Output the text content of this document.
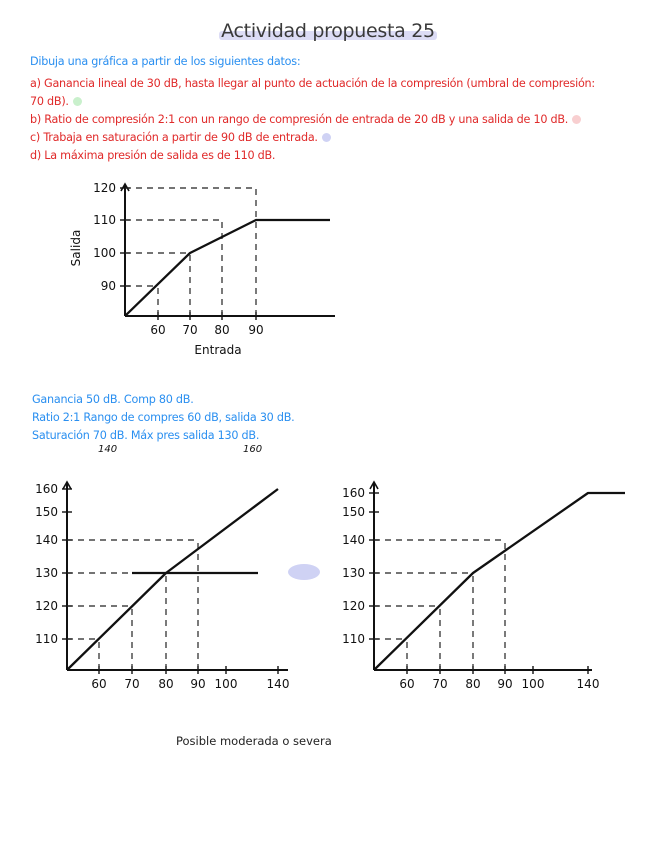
Actividad propuesta 25
Dibuja una gráfica a partir de los siguientes datos:
a) Ganancia lineal de 30 dB, hasta llegar al punto de actuación de la compresión (umbral de compresión:
70 dB).
b) Ratio de compresión 2:1 con un rango de compresión de entrada de 20 dB y una salida de 10 dB.
c) Trabaja en saturación a partir de 90 dB de entrada.
d) La máxima presión de salida es de 110 dB.
Ganancia 50 dB. Comp 80 dB.
Ratio 2:1 Rango de compres 60 dB, salida 30 dB.
Saturación 70 dB. Máx pres salida 130 dB.
140	160
Posible moderada o severa
90
100
110
120
60 70 80 90
Entrada
Salida
110
120
130
140
150
160
60 70 80 90 100 140
110
120
130
140
150
160
60 70 80 90 100	140
